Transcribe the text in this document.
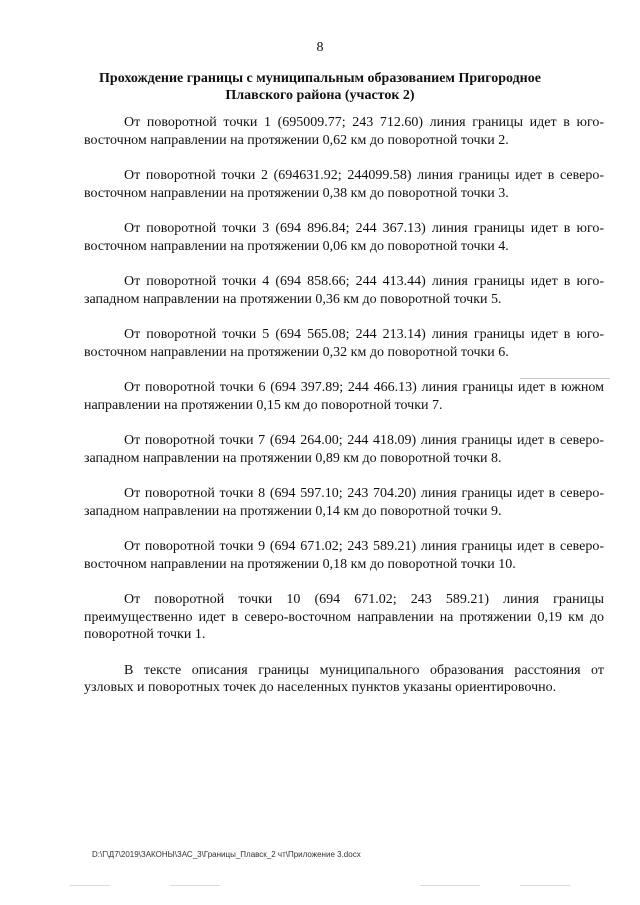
8
Прохождение границы с муниципальным образованием Пригородное
Плавского района (участок 2)

От поворотной точки 1 (695009.77; 243 712.60) линия границы идет в юго-восточном направлении на протяжении 0,62 км до поворотной точки 2.

От поворотной точки 2 (694631.92; 244099.58) линия границы идет в северо-восточном направлении на протяжении 0,38 км до поворотной точки 3.

От поворотной точки 3 (694 896.84; 244 367.13) линия границы идет в юго-восточном направлении на протяжении 0,06 км до поворотной точки 4.

От поворотной точки 4 (694 858.66; 244 413.44) линия границы идет в юго-западном направлении на протяжении 0,36 км до поворотной точки 5.

От поворотной точки 5 (694 565.08; 244 213.14) линия границы идет в юго-восточном направлении на протяжении 0,32 км до поворотной точки 6.

От поворотной точки 6 (694 397.89; 244 466.13) линия границы идет в южном направлении на протяжении 0,15 км до поворотной точки 7.

От поворотной точки 7 (694 264.00; 244 418.09) линия границы идет в северо-западном направлении на протяжении 0,89 км до поворотной точки 8.

От поворотной точки 8 (694 597.10; 243 704.20) линия границы идет в северо-западном направлении на протяжении 0,14 км до поворотной точки 9.

От поворотной точки 9 (694 671.02; 243 589.21) линия границы идет в северо-восточном направлении на протяжении 0,18 км до поворотной точки 10.

От поворотной точки 10 (694 671.02; 243 589.21) линия границы преимущественно идет в северо-восточном направлении на протяжении 0,19 км до поворотной точки 1.

В тексте описания границы муниципального образования расстояния от узловых и поворотных точек до населенных пунктов указаны ориентировочно.

D:\Г\Д7\2019\ЗАКОНЫ\ЗАС_3\Границы_Плавск_2 чт\Приложение 3.docx
